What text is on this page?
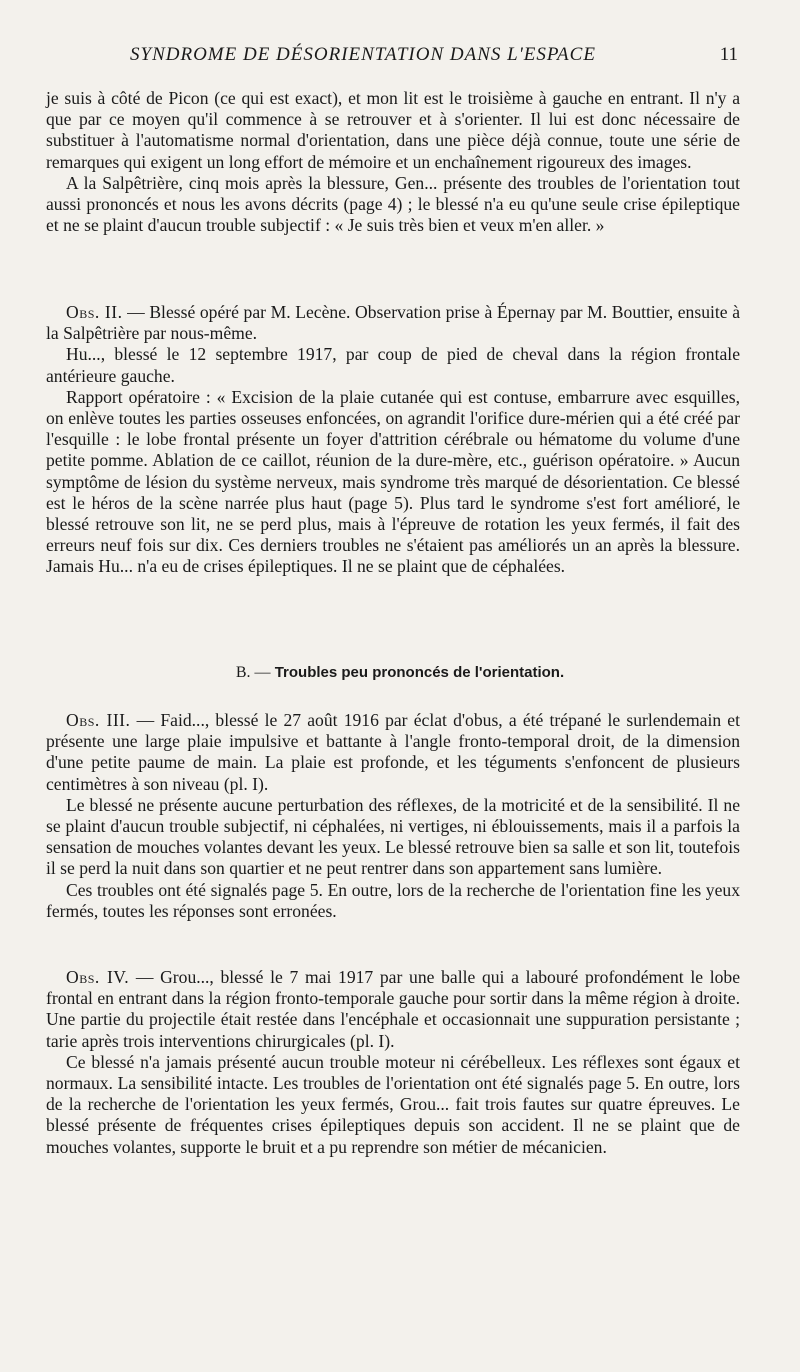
SYNDROME DE DÉSORIENTATION DANS L'ESPACE	11

je suis à côté de Picon (ce qui est exact), et mon lit est le troisième à gauche en entrant. Il n'y a que par ce moyen qu'il commence à se retrouver et à s'orienter. Il lui est donc nécessaire de substituer à l'automatisme normal d'orientation, dans une pièce déjà connue, toute une série de remarques qui exigent un long effort de mémoire et un enchaînement rigoureux des images.

A la Salpêtrière, cinq mois après la blessure, Gen... présente des troubles de l'orientation tout aussi prononcés et nous les avons décrits (page 4) ; le blessé n'a eu qu'une seule crise épileptique et ne se plaint d'aucun trouble subjectif : « Je suis très bien et veux m'en aller. »

Obs. II. — Blessé opéré par M. Lecène. Observation prise à Épernay par M. Bouttier, ensuite à la Salpêtrière par nous-même.

Hu..., blessé le 12 septembre 1917, par coup de pied de cheval dans la région frontale antérieure gauche.

Rapport opératoire : « Excision de la plaie cutanée qui est contuse, embarrure avec esquilles, on enlève toutes les parties osseuses enfoncées, on agrandit l'orifice dure-mérien qui a été créé par l'esquille : le lobe frontal présente un foyer d'attrition cérébrale ou hématome du volume d'une petite pomme. Ablation de ce caillot, réunion de la dure-mère, etc., guérison opératoire. » Aucun symptôme de lésion du système nerveux, mais syndrome très marqué de désorientation. Ce blessé est le héros de la scène narrée plus haut (page 5). Plus tard le syndrome s'est fort amélioré, le blessé retrouve son lit, ne se perd plus, mais à l'épreuve de rotation les yeux fermés, il fait des erreurs neuf fois sur dix. Ces derniers troubles ne s'étaient pas améliorés un an après la blessure. Jamais Hu... n'a eu de crises épileptiques. Il ne se plaint que de céphalées.

B. — Troubles peu prononcés de l'orientation.

Obs. III. — Faid..., blessé le 27 août 1916 par éclat d'obus, a été trépané le surlendemain et présente une large plaie impulsive et battante à l'angle fronto-temporal droit, de la dimension d'une petite paume de main. La plaie est profonde, et les téguments s'enfoncent de plusieurs centimètres à son niveau (pl. I).

Le blessé ne présente aucune perturbation des réflexes, de la motricité et de la sensibilité. Il ne se plaint d'aucun trouble subjectif, ni céphalées, ni vertiges, ni éblouissements, mais il a parfois la sensation de mouches volantes devant les yeux. Le blessé retrouve bien sa salle et son lit, toutefois il se perd la nuit dans son quartier et ne peut rentrer dans son appartement sans lumière.

Ces troubles ont été signalés page 5. En outre, lors de la recherche de l'orientation fine les yeux fermés, toutes les réponses sont erronées.

Obs. IV. — Grou..., blessé le 7 mai 1917 par une balle qui a labouré profondément le lobe frontal en entrant dans la région fronto-temporale gauche pour sortir dans la même région à droite. Une partie du projectile était restée dans l'encéphale et occasionnait une suppuration persistante ; tarie après trois interventions chirurgicales (pl. I).

Ce blessé n'a jamais présenté aucun trouble moteur ni cérébelleux. Les réflexes sont égaux et normaux. La sensibilité intacte. Les troubles de l'orientation ont été signalés page 5. En outre, lors de la recherche de l'orientation les yeux fermés, Grou... fait trois fautes sur quatre épreuves. Le blessé présente de fréquentes crises épileptiques depuis son accident. Il ne se plaint que de mouches volantes, supporte le bruit et a pu reprendre son métier de mécanicien.
